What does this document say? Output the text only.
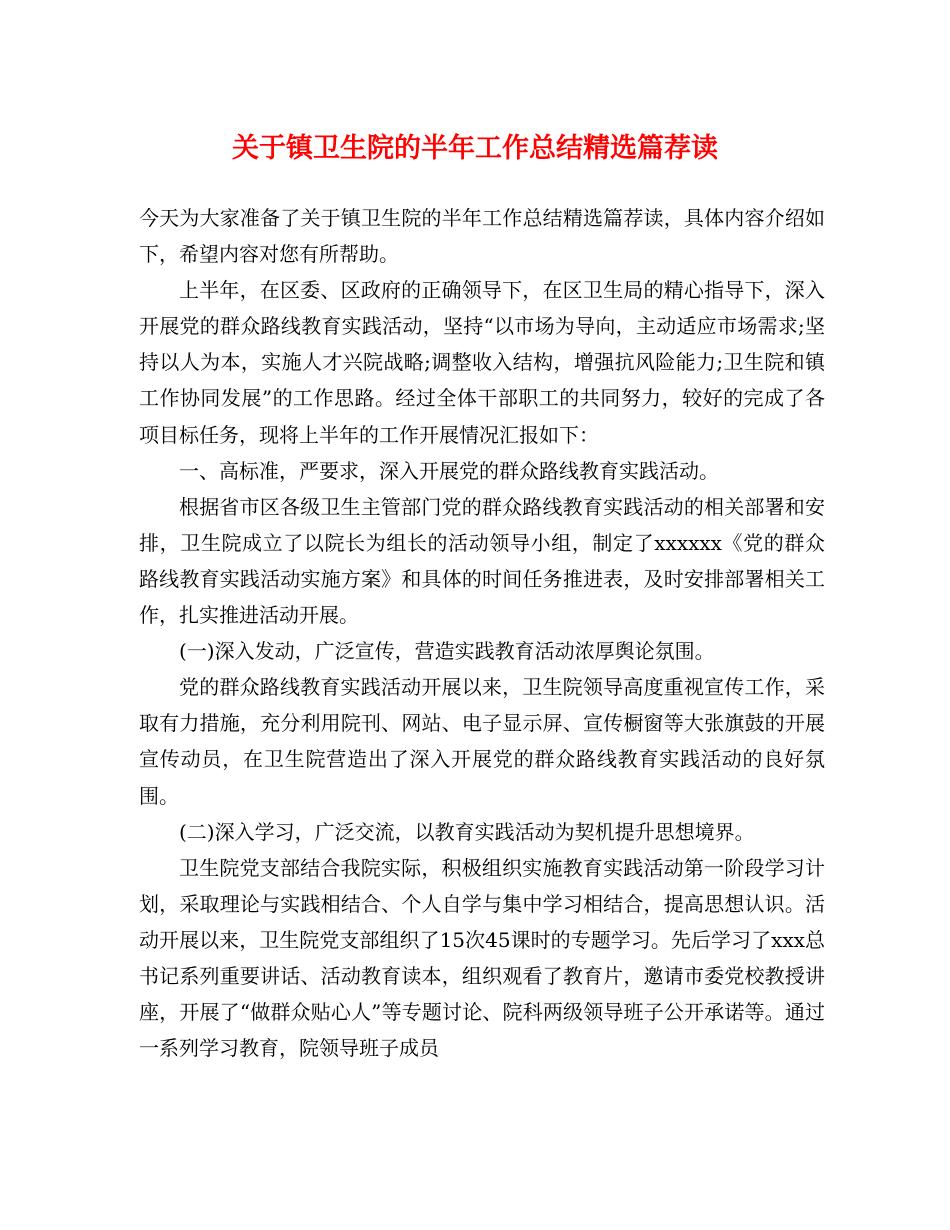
关于镇卫生院的半年工作总结精选篇荐读

今天为大家准备了关于镇卫生院的半年工作总结精选篇荐读，具体内容介绍如下，希望内容对您有所帮助。

上半年，在区委、区政府的正确领导下，在区卫生局的精心指导下，深入开展党的群众路线教育实践活动，坚持“以市场为导向，主动适应市场需求;坚持以人为本，实施人才兴院战略;调整收入结构，增强抗风险能力;卫生院和镇工作协同发展”的工作思路。经过全体干部职工的共同努力，较好的完成了各项目标任务，现将上半年的工作开展情况汇报如下：

一、高标准，严要求，深入开展党的群众路线教育实践活动。

根据省市区各级卫生主管部门党的群众路线教育实践活动的相关部署和安排，卫生院成立了以院长为组长的活动领导小组，制定了xxxxxx《党的群众路线教育实践活动实施方案》和具体的时间任务推进表，及时安排部署相关工作，扎实推进活动开展。

(一)深入发动，广泛宣传，营造实践教育活动浓厚舆论氛围。

党的群众路线教育实践活动开展以来，卫生院领导高度重视宣传工作，采取有力措施，充分利用院刊、网站、电子显示屏、宣传橱窗等大张旗鼓的开展宣传动员，在卫生院营造出了深入开展党的群众路线教育实践活动的良好氛围。

(二)深入学习，广泛交流，以教育实践活动为契机提升思想境界。

卫生院党支部结合我院实际，积极组织实施教育实践活动第一阶段学习计划，采取理论与实践相结合、个人自学与集中学习相结合，提高思想认识。活动开展以来，卫生院党支部组织了15次45课时的专题学习。先后学习了xxx总书记系列重要讲话、活动教育读本，组织观看了教育片，邀请市委党校教授讲座，开展了“做群众贴心人”等专题讨论、院科两级领导班子公开承诺等。通过一系列学习教育，院领导班子成员
